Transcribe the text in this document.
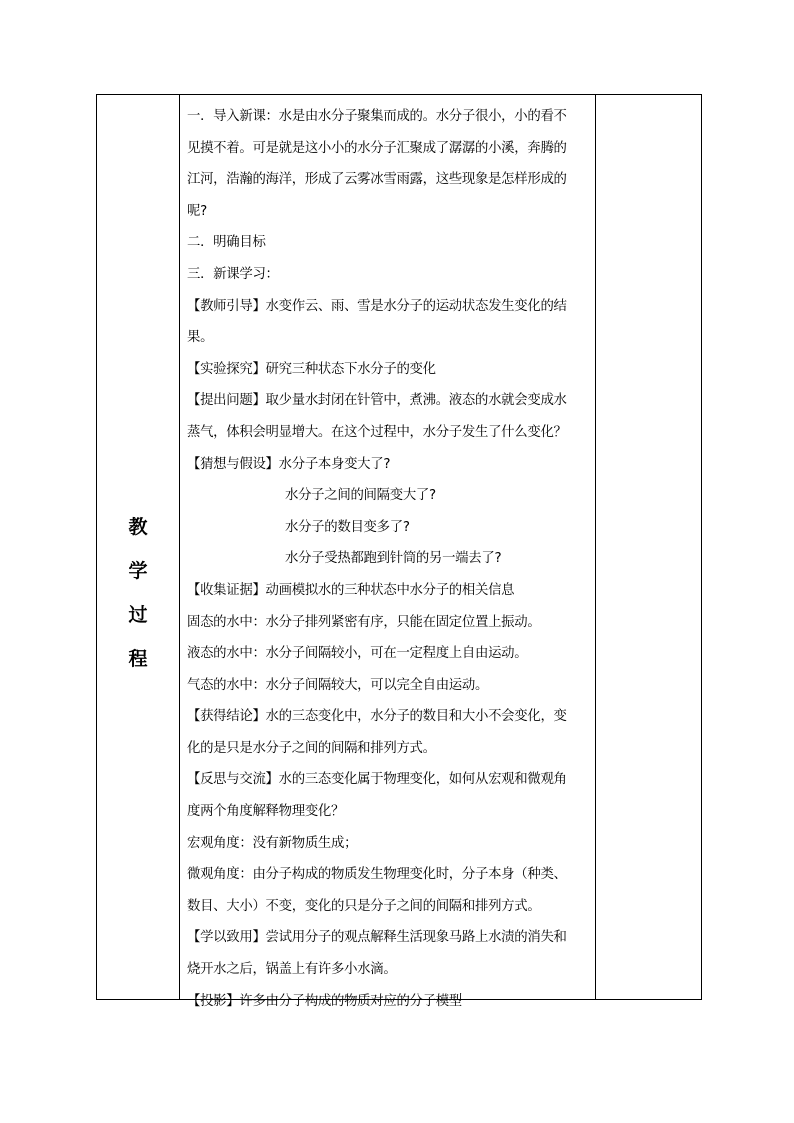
教
学
过
程
一．导入新课：水是由水分子聚集而成的。水分子很小，小的看不
见摸不着。可是就是这小小的水分子汇聚成了潺潺的小溪，奔腾的
江河，浩瀚的海洋，形成了云雾冰雪雨露，这些现象是怎样形成的
呢?
二．明确目标
三．新课学习：
【教师引导】水变作云、雨、雪是水分子的运动状态发生变化的结
果。
【实验探究】研究三种状态下水分子的变化
【提出问题】取少量水封闭在针管中，煮沸。液态的水就会变成水
蒸气，体积会明显增大。在这个过程中，水分子发生了什么变化？
【猜想与假设】水分子本身变大了?
水分子之间的间隔变大了?
水分子的数目变多了?
水分子受热都跑到针筒的另一端去了?
【收集证据】动画模拟水的三种状态中水分子的相关信息
固态的水中：水分子排列紧密有序，只能在固定位置上振动。
液态的水中：水分子间隔较小，可在一定程度上自由运动。
气态的水中：水分子间隔较大，可以完全自由运动。
【获得结论】水的三态变化中，水分子的数目和大小不会变化，变
化的是只是水分子之间的间隔和排列方式。
【反思与交流】水的三态变化属于物理变化，如何从宏观和微观角
度两个角度解释物理变化？
宏观角度：没有新物质生成；
微观角度：由分子构成的物质发生物理变化时，分子本身（种类、
数目、大小）不变，变化的只是分子之间的间隔和排列方式。
【学以致用】尝试用分子的观点解释生活现象马路上水渍的消失和
烧开水之后，锅盖上有许多小水滴。
【投影】许多由分子构成的物质对应的分子模型
